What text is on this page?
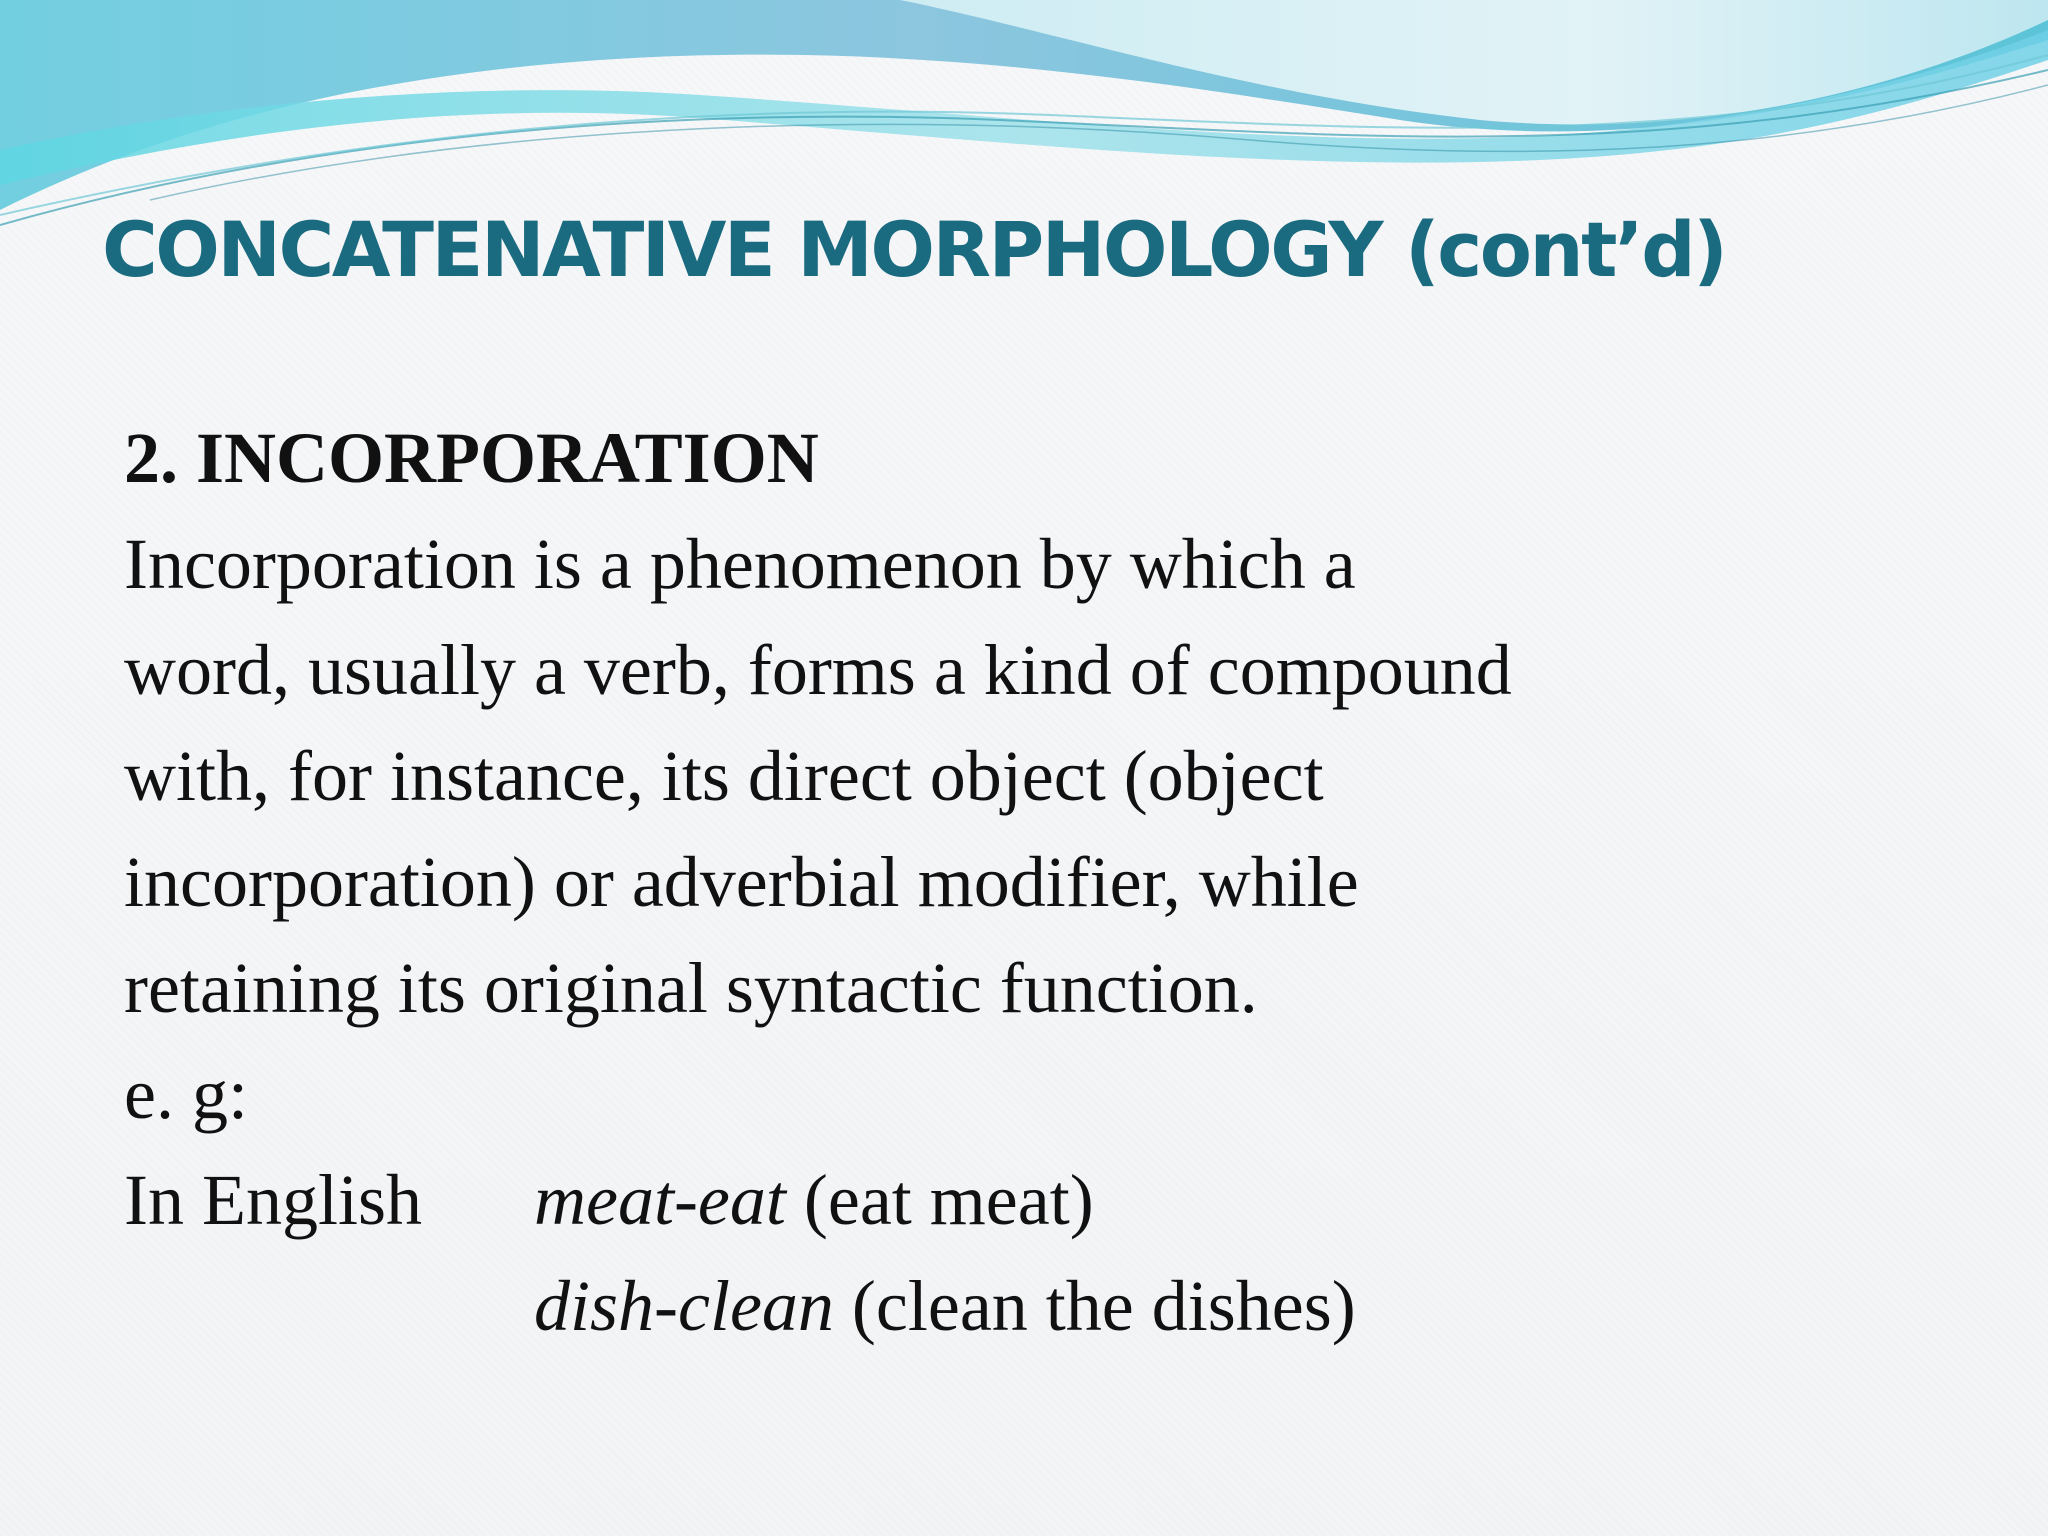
CONCATENATIVE MORPHOLOGY (cont’d)

2. INCORPORATION

Incorporation is a phenomenon by which a

word, usually a verb, forms a kind of compound

with, for instance, its direct object (object

incorporation) or adverbial modifier, while

retaining its original syntactic function.

e. g:

In English meat-eat (eat meat)
dish-clean (clean the dishes)
